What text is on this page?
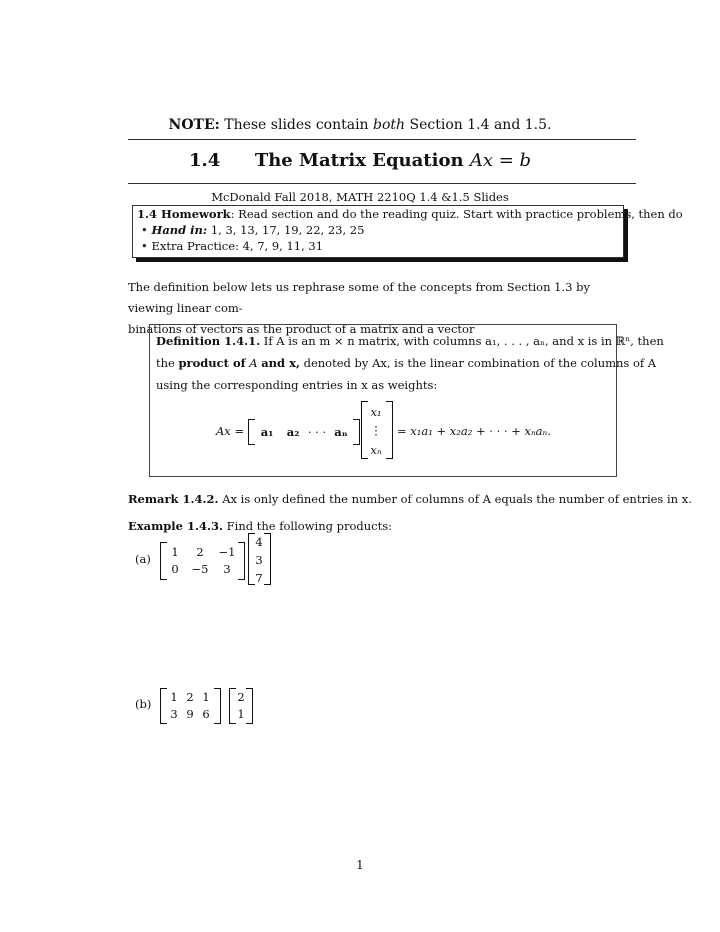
NOTE: These slides contain both Section 1.4 and 1.5.
1.4 The Matrix Equation Ax = b
McDonald Fall 2018, MATH 2210Q 1.4 &1.5 Slides
1.4 Homework: Read section and do the reading quiz. Start with practice problems, then do
• Hand in: 1, 3, 13, 17, 19, 22, 23, 25
• Extra Practice: 4, 7, 9, 11, 31
The definition below lets us rephrase some of the concepts from Section 1.3 by viewing linear com-
binations of vectors as the product of a matrix and a vector
Definition 1.4.1. If A is an m × n matrix, with columns a₁, . . . , aₙ, and x is in ℝⁿ, then
the product of A and x, denoted by Ax, is the linear combination of the columns of A
using the corresponding entries in x as weights:
Ax =	a₁	a₂ · · · aₙ
x₁
⋮
xₙ
= x₁a₁ + x₂a₂ + · · · + xₙaₙ.
Remark 1.4.2. Ax is only defined the number of columns of A equals the number of entries in x.
Example 1.4.3. Find the following products:
(a)	1	2	−1
0	−5	3
4
3
7
(b)	1 2 1
3 9 6
2
1
1
